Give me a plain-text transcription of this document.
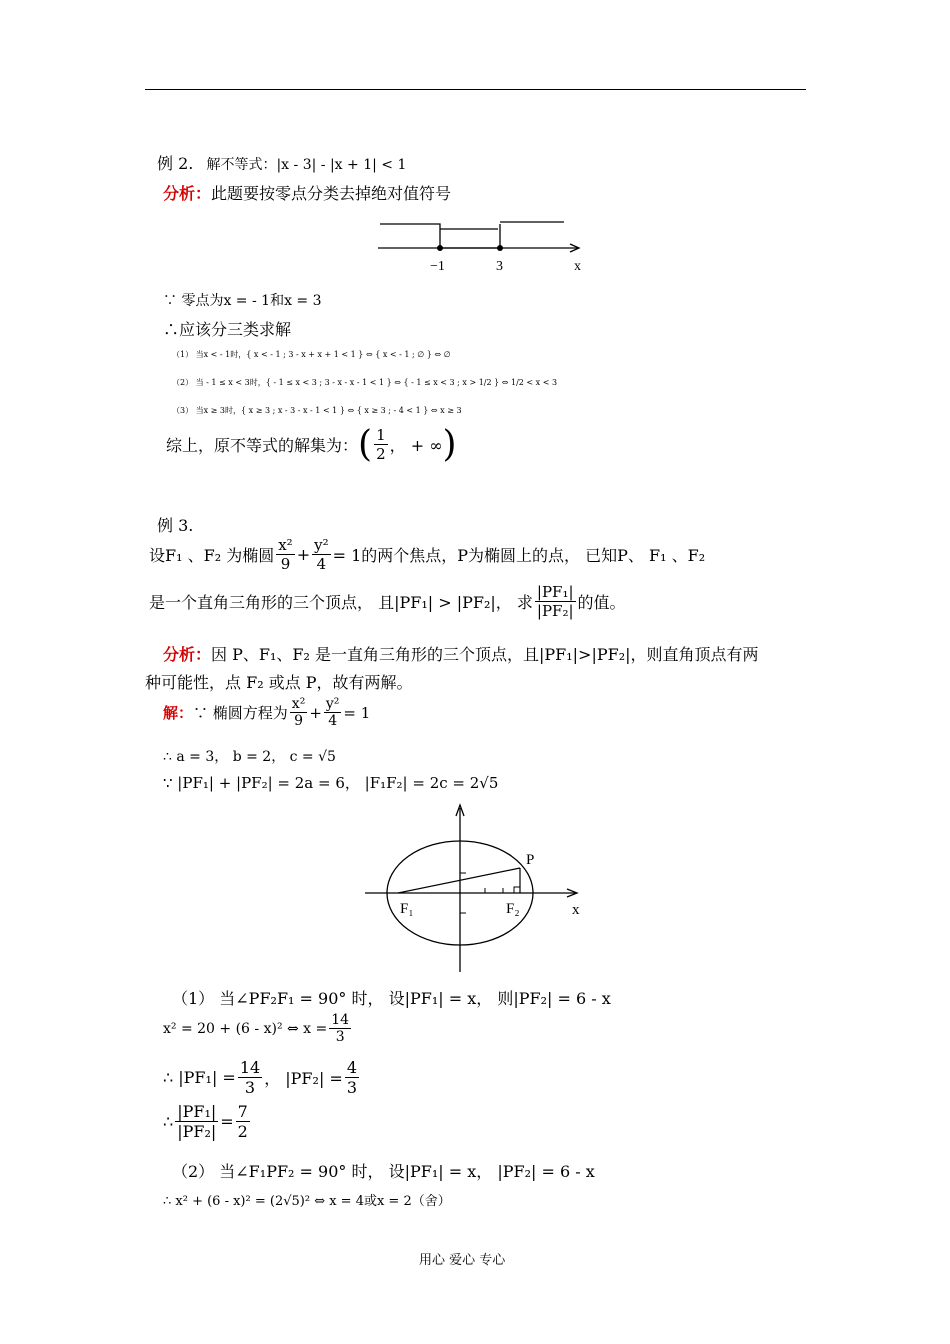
例 2. 解不等式：|x - 3| - |x + 1| < 1
分析：此题要按零点分类去掉绝对值符号
−1	3	x
∵ 零点为x = - 1和x = 3
∴应该分三类求解
（1） 当x < - 1时，{ x < - 1 ; 3 - x + x + 1 < 1 } ⇔ { x < - 1 ; ∅ } ⇔ ∅
（2） 当 - 1 ≤ x < 3时，{ - 1 ≤ x < 3 ; 3 - x - x - 1 < 1 } ⇔ { - 1 ≤ x < 3 ; x > 1/2 } ⇔ 1/2 < x < 3
（3） 当x ≥ 3时，{ x ≥ 3 ; x - 3 - x - 1 < 1 } ⇔ { x ≥ 3 ; - 4 < 1 } ⇔ x ≥ 3
综上，原不等式的解集为： ( $\frac{1}{2}$ ， + ∞ )
例 3.
设F₁ 、F₂ 为椭圆 $\frac{\text{x²}}{9} + \frac{\text{y²}}{4} = 1$的两个焦点，P为椭圆上的点， 已知P、 F₁ 、F₂
是一个直角三角形的三个顶点， 且|PF₁| > |PF₂|， 求 $\frac{\text{|PF₁|}}{\text{|PF₂|}}$ 的值。
分析：因 P、F₁、F₂ 是一直角三角形的三个顶点，且|PF₁|>|PF₂|，则直角顶点有两
种可能性，点 F₂ 或点 P，故有两解。
解： ∵ 椭圆方程为 $\frac{\text{x²}}{9} + \frac{\text{y²}}{4} = 1$
∴ a = 3， b = 2， c = √5
∵ |PF₁| + |PF₂| = 2a = 6， |F₁F₂| = 2c = 2√5
P
F₁	F₂	x
（1） 当∠PF₂F₁ = 90° 时， 设|PF₁| = x， 则|PF₂| = 6 - x
x² = 20 + (6 - x)² ⇔ $x = \frac{14}{3}$
∴ $|PF_1| = \frac{14}{3}$ ， $|PF_2| = \frac{4}{3}$
∴ $\frac{\text{|PF₁|}}{\text{|PF₂|}} = \frac{7}{2}$
（2） 当∠F₁PF₂ = 90° 时， 设|PF₁| = x， |PF₂| = 6 - x
∴ x² + (6 - x)² = (2√5)² ⇔ x = 4或x = 2（舍）
用心 爱心 专心
